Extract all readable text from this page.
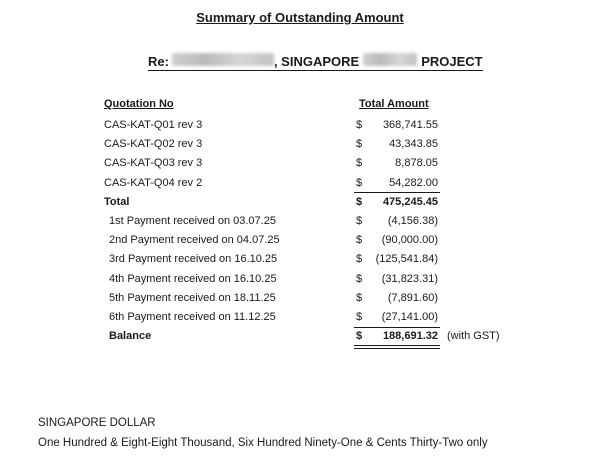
Summary of Outstanding Amount
Re:	, SINGAPORE	PROJECT
Quotation No	Total Amount
CAS-KAT-Q01 rev 3	$ 368,741.55
CAS-KAT-Q02 rev 3	$ 43,343.85
CAS-KAT-Q03 rev 3	$	8,878.05
CAS-KAT-Q04 rev 2	$ 54,282.00
Total	$ 475,245.45
1st Payment received on 03.07.25	$ (4,156.38)
2nd Payment received on 04.07.25	$ (90,000.00)
3rd Payment received on 16.10.25	$ (125,541.84)
4th Payment received on 16.10.25	$ (31,823.31)
5th Payment received on 18.11.25	$ (7,891.60)
6th Payment received on 11.12.25	$ (27,141.00)
Balance	$ 188,691.32 (with GST)
SINGAPORE DOLLAR
One Hundred & Eight-Eight Thousand, Six Hundred Ninety-One & Cents Thirty-Two only
